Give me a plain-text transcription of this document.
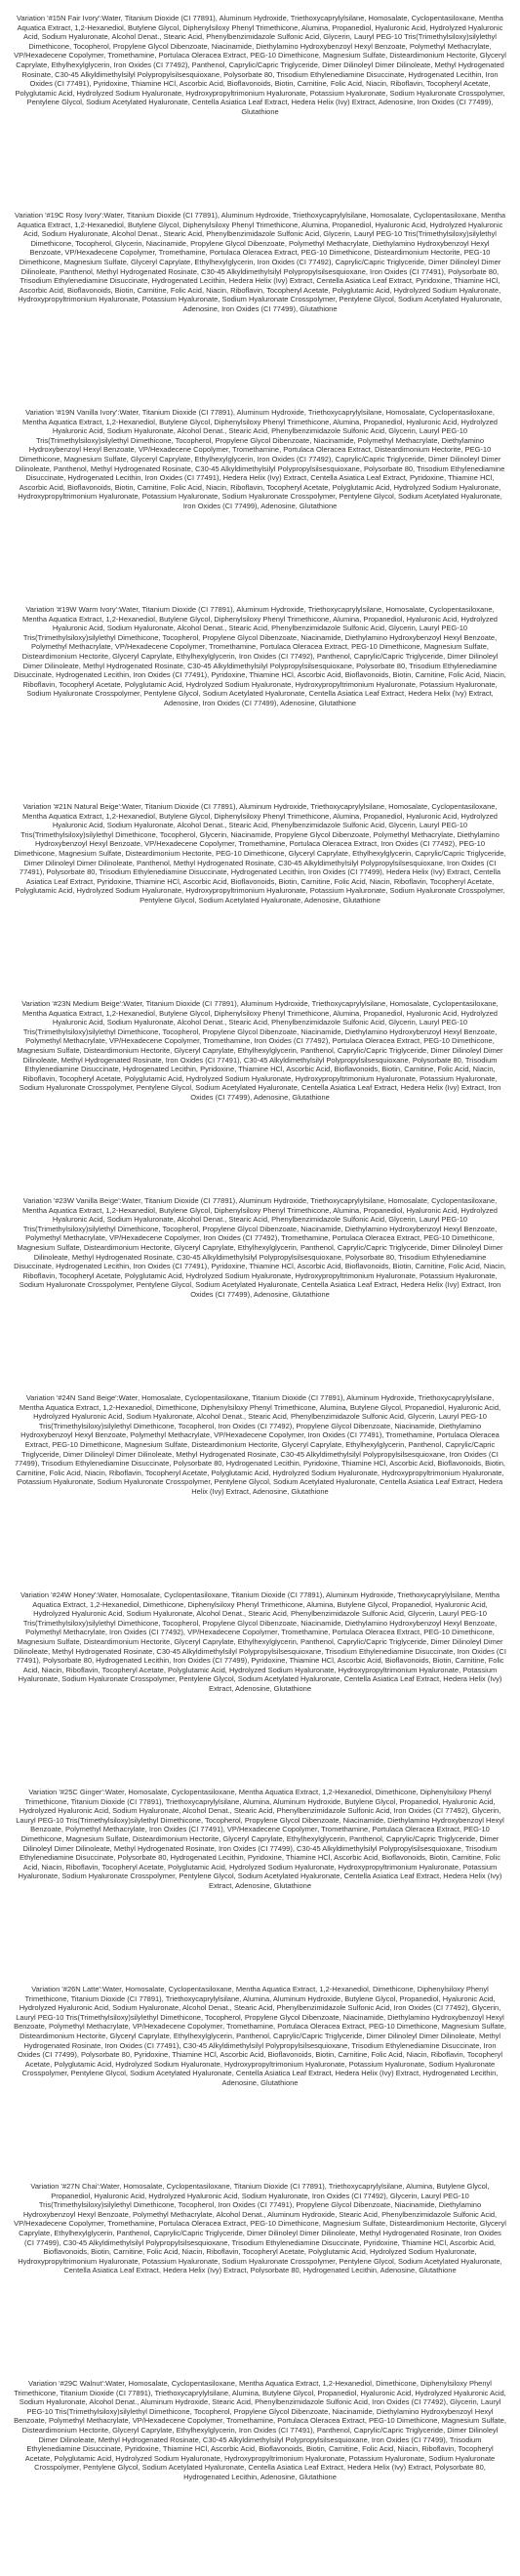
Variation '#15N Fair Ivory':Water, Titanium Dioxide (CI 77891), Aluminum Hydroxide, Triethoxycaprylylsilane, Homosalate, Cyclopentasiloxane, Mentha Aquatica Extract, 1,2-Hexanediol, Butylene Glycol, Diphenylsiloxy Phenyl Trimethicone, Alumina, Propanediol, Hyaluronic Acid, Hydrolyzed Hyaluronic Acid, Sodium Hyaluronate, Alcohol Denat., Stearic Acid, Phenylbenzimidazole Sulfonic Acid, Glycerin, Lauryl PEG-10 Tris(Trimethylsiloxy)silylethyl Dimethicone, Tocopherol, Propylene Glycol Dibenzoate, Niacinamide, Diethylamino Hydroxybenzoyl Hexyl Benzoate, Polymethyl Methacrylate, VP/Hexadecene Copolymer, Tromethamine, Portulaca Oleracea Extract, PEG-10 Dimethicone, Magnesium Sulfate, Disteardimonium Hectorite, Glyceryl Caprylate, Ethylhexylglycerin, Iron Oxides (CI 77492), Panthenol, Caprylic/Capric Triglyceride, Dimer Dilinoleyl Dimer Dilinoleate, Methyl Hydrogenated Rosinate, C30-45 Alkyldimethylsilyl Polypropylsilsesquioxane, Polysorbate 80, Trisodium Ethylenediamine Disuccinate, Hydrogenated Lecithin, Iron Oxides (CI 77491), Pyridoxine, Thiamine HCl, Ascorbic Acid, Bioflavonoids, Biotin, Carnitine, Folic Acid, Niacin, Riboflavin, Tocopheryl Acetate, Polyglutamic Acid, Hydrolyzed Sodium Hyaluronate, Hydroxypropyltrimonium Hyaluronate, Potassium Hyaluronate, Sodium Hyaluronate Crosspolymer, Pentylene Glycol, Sodium Acetylated Hyaluronate, Centella Asiatica Leaf Extract, Hedera Helix (Ivy) Extract, Adenosine, Iron Oxides (CI 77499), Glutathione

Variation '#19C Rosy Ivory':Water, Titanium Dioxide (CI 77891), Aluminum Hydroxide, Triethoxycaprylylsilane, Homosalate, Cyclopentasiloxane, Mentha Aquatica Extract, 1,2-Hexanediol, Butylene Glycol, Diphenylsiloxy Phenyl Trimethicone, Alumina, Propanediol, Hyaluronic Acid, Hydrolyzed Hyaluronic Acid, Sodium Hyaluronate, Alcohol Denat., Stearic Acid, Phenylbenzimidazole Sulfonic Acid, Glycerin, Lauryl PEG-10 Tris(Trimethylsiloxy)silylethyl Dimethicone, Tocopherol, Glycerin, Niacinamide, Propylene Glycol Dibenzoate, Polymethyl Methacrylate, Diethylamino Hydroxybenzoyl Hexyl Benzoate, VP/Hexadecene Copolymer, Tromethamine, Portulaca Oleracea Extract, PEG-10 Dimethicone, Disteardimonium Hectorite, PEG-10 Dimethicone, Magnesium Sulfate, Glyceryl Caprylate, Ethylhexylglycerin, Iron Oxides (CI 77492), Caprylic/Capric Triglyceride, Dimer Dilinoleyl Dimer Dilinoleate, Panthenol, Methyl Hydrogenated Rosinate, C30-45 Alkyldimethylsilyl Polypropylsilsesquioxane, Iron Oxides (CI 77491), Polysorbate 80, Trisodium Ethylenediamine Disuccinate, Hydrogenated Lecithin, Hedera Helix (Ivy) Extract, Centella Asiatica Leaf Extract, Pyridoxine, Thiamine HCl, Ascorbic Acid, Bioflavonoids, Biotin, Carnitine, Folic Acid, Niacin, Riboflavin, Tocopheryl Acetate, Polyglutamic Acid, Hydrolyzed Sodium Hyaluronate, Hydroxypropyltrimonium Hyaluronate, Potassium Hyaluronate, Sodium Hyaluronate Crosspolymer, Pentylene Glycol, Sodium Acetylated Hyaluronate, Adenosine, Iron Oxides (CI 77499), Glutathione

Variation '#19N Vanilla Ivory':Water, Titanium Dioxide (CI 77891), Aluminum Hydroxide, Triethoxycaprylylsilane, Homosalate, Cyclopentasiloxane, Mentha Aquatica Extract, 1,2-Hexanediol, Butylene Glycol, Diphenylsiloxy Phenyl Trimethicone, Alumina, Propanediol, Hyaluronic Acid, Hydrolyzed Hyaluronic Acid, Sodium Hyaluronate, Alcohol Denat., Stearic Acid, Phenylbenzimidazole Sulfonic Acid, Glycerin, Lauryl PEG-10 Tris(Trimethylsiloxy)silylethyl Dimethicone, Tocopherol, Propylene Glycol Dibenzoate, Niacinamide, Polymethyl Methacrylate, Diethylamino Hydroxybenzoyl Hexyl Benzoate, VP/Hexadecene Copolymer, Tromethamine, Portulaca Oleracea Extract, Disteardimonium Hectorite, PEG-10 Dimethicone, Magnesium Sulfate, Glyceryl Caprylate, Ethylhexylglycerin, Iron Oxides (CI 77492), Caprylic/Capric Triglyceride, Dimer Dilinoleyl Dimer Dilinoleate, Panthenol, Methyl Hydrogenated Rosinate, C30-45 Alkyldimethylsilyl Polypropylsilsesquioxane, Polysorbate 80, Trisodium Ethylenediamine Disuccinate, Hydrogenated Lecithin, Iron Oxides (CI 77491), Hedera Helix (Ivy) Extract, Centella Asiatica Leaf Extract, Pyridoxine, Thiamine HCl, Ascorbic Acid, Bioflavonoids, Biotin, Carnitine, Folic Acid, Niacin, Riboflavin, Tocopheryl Acetate, Polyglutamic Acid, Hydrolyzed Sodium Hyaluronate, Hydroxypropyltrimonium Hyaluronate, Potassium Hyaluronate, Sodium Hyaluronate Crosspolymer, Pentylene Glycol, Sodium Acetylated Hyaluronate, Iron Oxides (CI 77499), Adenosine, Glutathione

Variation '#19W Warm Ivory':Water, Titanium Dioxide (CI 77891), Aluminum Hydroxide, Triethoxycaprylylsilane, Homosalate, Cyclopentasiloxane, Mentha Aquatica Extract, 1,2-Hexanediol, Butylene Glycol, Diphenylsiloxy Phenyl Trimethicone, Alumina, Propanediol, Hyaluronic Acid, Hydrolyzed Hyaluronic Acid, Sodium Hyaluronate, Alcohol Denat., Stearic Acid, Phenylbenzimidazole Sulfonic Acid, Glycerin, Lauryl PEG-10 Tris(Trimethylsiloxy)silylethyl Dimethicone, Tocopherol, Propylene Glycol Dibenzoate, Niacinamide, Diethylamino Hydroxybenzoyl Hexyl Benzoate, Polymethyl Methacrylate, VP/Hexadecene Copolymer, Tromethamine, Portulaca Oleracea Extract, PEG-10 Dimethicone, Magnesium Sulfate, Disteardimonium Hectorite, Glyceryl Caprylate, Ethylhexylglycerin, Iron Oxides (CI 77492), Panthenol, Caprylic/Capric Triglyceride, Dimer Dilinoleyl Dimer Dilinoleate, Methyl Hydrogenated Rosinate, C30-45 Alkyldimethylsilyl Polypropylsilsesquioxane, Polysorbate 80, Trisodium Ethylenediamine Disuccinate, Hydrogenated Lecithin, Iron Oxides (CI 77491), Pyridoxine, Thiamine HCl, Ascorbic Acid, Bioflavonoids, Biotin, Carnitine, Folic Acid, Niacin, Riboflavin, Tocopheryl Acetate, Polyglutamic Acid, Hydrolyzed Sodium Hyaluronate, Hydroxypropyltrimonium Hyaluronate, Potassium Hyaluronate, Sodium Hyaluronate Crosspolymer, Pentylene Glycol, Sodium Acetylated Hyaluronate, Centella Asiatica Leaf Extract, Hedera Helix (Ivy) Extract, Adenosine, Iron Oxides (CI 77499), Adenosine, Glutathione

Variation '#21N Natural Beige':Water, Titanium Dioxide (CI 77891), Aluminum Hydroxide, Triethoxycaprylylsilane, Homosalate, Cyclopentasiloxane, Mentha Aquatica Extract, 1,2-Hexanediol, Butylene Glycol, Diphenylsiloxy Phenyl Trimethicone, Alumina, Propanediol, Hyaluronic Acid, Hydrolyzed Hyaluronic Acid, Sodium Hyaluronate, Alcohol Denat., Stearic Acid, Phenylbenzimidazole Sulfonic Acid, Glycerin, Lauryl PEG-10 Tris(Trimethylsiloxy)silylethyl Dimethicone, Tocopherol, Glycerin, Niacinamide, Propylene Glycol Dibenzoate, Polymethyl Methacrylate, Diethylamino Hydroxybenzoyl Hexyl Benzoate, VP/Hexadecene Copolymer, Tromethamine, Portulaca Oleracea Extract, Iron Oxides (CI 77492), PEG-10 Dimethicone, Magnesium Sulfate, Disteardimonium Hectorite, PEG-10 Dimethicone, Glyceryl Caprylate, Ethylhexylglycerin, Caprylic/Capric Triglyceride, Dimer Dilinoleyl Dimer Dilinoleate, Panthenol, Methyl Hydrogenated Rosinate, C30-45 Alkyldimethylsilyl Polypropylsilsesquioxane, Iron Oxides (CI 77491), Polysorbate 80, Trisodium Ethylenediamine Disuccinate, Hydrogenated Lecithin, Iron Oxides (CI 77499), Hedera Helix (Ivy) Extract, Centella Asiatica Leaf Extract, Pyridoxine, Thiamine HCl, Ascorbic Acid, Bioflavonoids, Biotin, Carnitine, Folic Acid, Niacin, Riboflavin, Tocopheryl Acetate, Polyglutamic Acid, Hydrolyzed Sodium Hyaluronate, Hydroxypropyltrimonium Hyaluronate, Potassium Hyaluronate, Sodium Hyaluronate Crosspolymer, Pentylene Glycol, Sodium Acetylated Hyaluronate, Adenosine, Glutathione

Variation '#23N Medium Beige':Water, Titanium Dioxide (CI 77891), Aluminum Hydroxide, Triethoxycaprylylsilane, Homosalate, Cyclopentasiloxane, Mentha Aquatica Extract, 1,2-Hexanediol, Butylene Glycol, Diphenylsiloxy Phenyl Trimethicone, Alumina, Propanediol, Hyaluronic Acid, Hydrolyzed Hyaluronic Acid, Sodium Hyaluronate, Alcohol Denat., Stearic Acid, Phenylbenzimidazole Sulfonic Acid, Glycerin, Lauryl PEG-10 Tris(Trimethylsiloxy)silylethyl Dimethicone, Tocopherol, Propylene Glycol Dibenzoate, Niacinamide, Diethylamino Hydroxybenzoyl Hexyl Benzoate, Polymethyl Methacrylate, VP/Hexadecene Copolymer, Tromethamine, Iron Oxides (CI 77492), Portulaca Oleracea Extract, PEG-10 Dimethicone, Magnesium Sulfate, Disteardimonium Hectorite, Glyceryl Caprylate, Ethylhexylglycerin, Panthenol, Caprylic/Capric Triglyceride, Dimer Dilinoleyl Dimer Dilinoleate, Methyl Hydrogenated Rosinate, Iron Oxides (CI 77491), C30-45 Alkyldimethylsilyl Polypropylsilsesquioxane, Polysorbate 80, Trisodium Ethylenediamine Disuccinate, Hydrogenated Lecithin, Pyridoxine, Thiamine HCl, Ascorbic Acid, Bioflavonoids, Biotin, Carnitine, Folic Acid, Niacin, Riboflavin, Tocopheryl Acetate, Polyglutamic Acid, Hydrolyzed Sodium Hyaluronate, Hydroxypropyltrimonium Hyaluronate, Potassium Hyaluronate, Sodium Hyaluronate Crosspolymer, Pentylene Glycol, Sodium Acetylated Hyaluronate, Centella Asiatica Leaf Extract, Hedera Helix (Ivy) Extract, Iron Oxides (CI 77499), Adenosine, Glutathione

Variation '#23W Vanilla Beige':Water, Titanium Dioxide (CI 77891), Aluminum Hydroxide, Triethoxycaprylylsilane, Homosalate, Cyclopentasiloxane, Mentha Aquatica Extract, 1,2-Hexanediol, Butylene Glycol, Diphenylsiloxy Phenyl Trimethicone, Alumina, Propanediol, Hyaluronic Acid, Hydrolyzed Hyaluronic Acid, Sodium Hyaluronate, Alcohol Denat., Stearic Acid, Phenylbenzimidazole Sulfonic Acid, Glycerin, Lauryl PEG-10 Tris(Trimethylsiloxy)silylethyl Dimethicone, Tocopherol, Propylene Glycol Dibenzoate, Niacinamide, Diethylamino Hydroxybenzoyl Hexyl Benzoate, Polymethyl Methacrylate, VP/Hexadecene Copolymer, Iron Oxides (CI 77492), Tromethamine, Portulaca Oleracea Extract, PEG-10 Dimethicone, Magnesium Sulfate, Disteardimonium Hectorite, Glyceryl Caprylate, Ethylhexylglycerin, Panthenol, Caprylic/Capric Triglyceride, Dimer Dilinoleyl Dimer Dilinoleate, Methyl Hydrogenated Rosinate, C30-45 Alkyldimethylsilyl Polypropylsilsesquioxane, Polysorbate 80, Trisodium Ethylenediamine Disuccinate, Hydrogenated Lecithin, Iron Oxides (CI 77491), Pyridoxine, Thiamine HCl, Ascorbic Acid, Bioflavonoids, Biotin, Carnitine, Folic Acid, Niacin, Riboflavin, Tocopheryl Acetate, Polyglutamic Acid, Hydrolyzed Sodium Hyaluronate, Hydroxypropyltrimonium Hyaluronate, Potassium Hyaluronate, Sodium Hyaluronate Crosspolymer, Pentylene Glycol, Sodium Acetylated Hyaluronate, Centella Asiatica Leaf Extract, Hedera Helix (Ivy) Extract, Iron Oxides (CI 77499), Adenosine, Glutathione

Variation '#24N Sand Beige':Water, Homosalate, Cyclopentasiloxane, Titanium Dioxide (CI 77891), Aluminum Hydroxide, Triethoxycaprylylsilane, Mentha Aquatica Extract, 1,2-Hexanediol, Dimethicone, Diphenylsiloxy Phenyl Trimethicone, Alumina, Butylene Glycol, Propanediol, Hyaluronic Acid, Hydrolyzed Hyaluronic Acid, Sodium Hyaluronate, Alcohol Denat., Stearic Acid, Phenylbenzimidazole Sulfonic Acid, Glycerin, Lauryl PEG-10 Tris(Trimethylsiloxy)silylethyl Dimethicone, Tocopherol, Iron Oxides (CI 77492), Propylene Glycol Dibenzoate, Niacinamide, Diethylamino Hydroxybenzoyl Hexyl Benzoate, Polymethyl Methacrylate, VP/Hexadecene Copolymer, Iron Oxides (CI 77491), Tromethamine, Portulaca Oleracea Extract, PEG-10 Dimethicone, Magnesium Sulfate, Disteardimonium Hectorite, Glyceryl Caprylate, Ethylhexylglycerin, Panthenol, Caprylic/Capric Triglyceride, Dimer Dilinoleyl Dimer Dilinoleate, Methyl Hydrogenated Rosinate, C30-45 Alkyldimethylsilyl Polypropylsilsesquioxane, Iron Oxides (CI 77499), Trisodium Ethylenediamine Disuccinate, Polysorbate 80, Hydrogenated Lecithin, Pyridoxine, Thiamine HCl, Ascorbic Acid, Bioflavonoids, Biotin, Carnitine, Folic Acid, Niacin, Riboflavin, Tocopheryl Acetate, Polyglutamic Acid, Hydrolyzed Sodium Hyaluronate, Hydroxypropyltrimonium Hyaluronate, Potassium Hyaluronate, Sodium Hyaluronate Crosspolymer, Pentylene Glycol, Sodium Acetylated Hyaluronate, Centella Asiatica Leaf Extract, Hedera Helix (Ivy) Extract, Adenosine, Glutathione

Variation '#24W Honey':Water, Homosalate, Cyclopentasiloxane, Titanium Dioxide (CI 77891), Aluminum Hydroxide, Triethoxycaprylylsilane, Mentha Aquatica Extract, 1,2-Hexanediol, Dimethicone, Diphenylsiloxy Phenyl Trimethicone, Alumina, Butylene Glycol, Propanediol, Hyaluronic Acid, Hydrolyzed Hyaluronic Acid, Sodium Hyaluronate, Alcohol Denat., Stearic Acid, Phenylbenzimidazole Sulfonic Acid, Glycerin, Lauryl PEG-10 Tris(Trimethylsiloxy)silylethyl Dimethicone, Tocopherol, Propylene Glycol Dibenzoate, Niacinamide, Diethylamino Hydroxybenzoyl Hexyl Benzoate, Polymethyl Methacrylate, Iron Oxides (CI 77492), VP/Hexadecene Copolymer, Tromethamine, Portulaca Oleracea Extract, PEG-10 Dimethicone, Magnesium Sulfate, Disteardimonium Hectorite, Glyceryl Caprylate, Ethylhexylglycerin, Panthenol, Caprylic/Capric Triglyceride, Dimer Dilinoleyl Dimer Dilinoleate, Methyl Hydrogenated Rosinate, C30-45 Alkyldimethylsilyl Polypropylsilsesquioxane, Trisodium Ethylenediamine Disuccinate, Iron Oxides (CI 77491), Polysorbate 80, Hydrogenated Lecithin, Iron Oxides (CI 77499), Pyridoxine, Thiamine HCl, Ascorbic Acid, Bioflavonoids, Biotin, Carnitine, Folic Acid, Niacin, Riboflavin, Tocopheryl Acetate, Polyglutamic Acid, Hydrolyzed Sodium Hyaluronate, Hydroxypropyltrimonium Hyaluronate, Potassium Hyaluronate, Sodium Hyaluronate Crosspolymer, Pentylene Glycol, Sodium Acetylated Hyaluronate, Centella Asiatica Leaf Extract, Hedera Helix (Ivy) Extract, Adenosine, Glutathione

Variation '#25C Ginger':Water, Homosalate, Cyclopentasiloxane, Mentha Aquatica Extract, 1,2-Hexanediol, Dimethicone, Diphenylsiloxy Phenyl Trimethicone, Titanium Dioxide (CI 77891), Triethoxycaprylylsilane, Alumina, Aluminum Hydroxide, Butylene Glycol, Propanediol, Hyaluronic Acid, Hydrolyzed Hyaluronic Acid, Sodium Hyaluronate, Alcohol Denat., Stearic Acid, Phenylbenzimidazole Sulfonic Acid, Iron Oxides (CI 77492), Glycerin, Lauryl PEG-10 Tris(Trimethylsiloxy)silylethyl Dimethicone, Tocopherol, Propylene Glycol Dibenzoate, Niacinamide, Diethylamino Hydroxybenzoyl Hexyl Benzoate, Polymethyl Methacrylate, Iron Oxides (CI 77491), VP/Hexadecene Copolymer, Tromethamine, Portulaca Oleracea Extract, PEG-10 Dimethicone, Magnesium Sulfate, Disteardimonium Hectorite, Glyceryl Caprylate, Ethylhexylglycerin, Panthenol, Caprylic/Capric Triglyceride, Dimer Dilinoleyl Dimer Dilinoleate, Methyl Hydrogenated Rosinate, Iron Oxides (CI 77499), C30-45 Alkyldimethylsilyl Polypropylsilsesquioxane, Trisodium Ethylenediamine Disuccinate, Polysorbate 80, Hydrogenated Lecithin, Pyridoxine, Thiamine HCl, Ascorbic Acid, Bioflavonoids, Biotin, Carnitine, Folic Acid, Niacin, Riboflavin, Tocopheryl Acetate, Polyglutamic Acid, Hydrolyzed Sodium Hyaluronate, Hydroxypropyltrimonium Hyaluronate, Potassium Hyaluronate, Sodium Hyaluronate Crosspolymer, Pentylene Glycol, Sodium Acetylated Hyaluronate, Centella Asiatica Leaf Extract, Hedera Helix (Ivy) Extract, Adenosine, Glutathione

Variation '#26N Latte':Water, Homosalate, Cyclopentasiloxane, Mentha Aquatica Extract, 1,2-Hexanediol, Dimethicone, Diphenylsiloxy Phenyl Trimethicone, Titanium Dioxide (CI 77891), Triethoxycaprylylsilane, Alumina, Aluminum Hydroxide, Butylene Glycol, Propanediol, Hyaluronic Acid, Hydrolyzed Hyaluronic Acid, Sodium Hyaluronate, Alcohol Denat., Stearic Acid, Phenylbenzimidazole Sulfonic Acid, Iron Oxides (CI 77492), Glycerin, Lauryl PEG-10 Tris(Trimethylsiloxy)silylethyl Dimethicone, Tocopherol, Propylene Glycol Dibenzoate, Niacinamide, Diethylamino Hydroxybenzoyl Hexyl Benzoate, Polymethyl Methacrylate, VP/Hexadecene Copolymer, Tromethamine, Portulaca Oleracea Extract, PEG-10 Dimethicone, Magnesium Sulfate, Disteardimonium Hectorite, Glyceryl Caprylate, Ethylhexylglycerin, Panthenol, Caprylic/Capric Triglyceride, Dimer Dilinoleyl Dimer Dilinoleate, Methyl Hydrogenated Rosinate, Iron Oxides (CI 77491), C30-45 Alkyldimethylsilyl Polypropylsilsesquioxane, Trisodium Ethylenediamine Disuccinate, Iron Oxides (CI 77499), Polysorbate 80, Pyridoxine, Thiamine HCl, Ascorbic Acid, Bioflavonoids, Biotin, Carnitine, Folic Acid, Niacin, Riboflavin, Tocopheryl Acetate, Polyglutamic Acid, Hydrolyzed Sodium Hyaluronate, Hydroxypropyltrimonium Hyaluronate, Potassium Hyaluronate, Sodium Hyaluronate Crosspolymer, Pentylene Glycol, Sodium Acetylated Hyaluronate, Centella Asiatica Leaf Extract, Hedera Helix (Ivy) Extract, Hydrogenated Lecithin, Adenosine, Glutathione

Variation '#27N Chai':Water, Homosalate, Cyclopentasiloxane, Titanium Dioxide (CI 77891), Triethoxycaprylylsilane, Alumina, Butylene Glycol, Propanediol, Hyaluronic Acid, Hydrolyzed Hyaluronic Acid, Sodium Hyaluronate, Iron Oxides (CI 77492), Glycerin, Lauryl PEG-10 Tris(Trimethylsiloxy)silylethyl Dimethicone, Tocopherol, Iron Oxides (CI 77491), Propylene Glycol Dibenzoate, Niacinamide, Diethylamino Hydroxybenzoyl Hexyl Benzoate, Polymethyl Methacrylate, Alcohol Denat., Aluminum Hydroxide, Stearic Acid, Phenylbenzimidazole Sulfonic Acid, VP/Hexadecene Copolymer, Tromethamine, Portulaca Oleracea Extract, PEG-10 Dimethicone, Magnesium Sulfate, Disteardimonium Hectorite, Glyceryl Caprylate, Ethylhexylglycerin, Panthenol, Caprylic/Capric Triglyceride, Dimer Dilinoleyl Dimer Dilinoleate, Methyl Hydrogenated Rosinate, Iron Oxides (CI 77499), C30-45 Alkyldimethylsilyl Polypropylsilsesquioxane, Trisodium Ethylenediamine Disuccinate, Pyridoxine, Thiamine HCl, Ascorbic Acid, Bioflavonoids, Biotin, Carnitine, Folic Acid, Niacin, Riboflavin, Tocopheryl Acetate, Polyglutamic Acid, Hydrolyzed Sodium Hyaluronate, Hydroxypropyltrimonium Hyaluronate, Potassium Hyaluronate, Sodium Hyaluronate Crosspolymer, Pentylene Glycol, Sodium Acetylated Hyaluronate, Centella Asiatica Leaf Extract, Hedera Helix (Ivy) Extract, Polysorbate 80, Hydrogenated Lecithin, Adenosine, Glutathione

Variation '#29C Walnut':Water, Homosalate, Cyclopentasiloxane, Mentha Aquatica Extract, 1,2-Hexanediol, Dimethicone, Diphenylsiloxy Phenyl Trimethicone, Titanium Dioxide (CI 77891), Triethoxycaprylylsilane, Alumina, Butylene Glycol, Propanediol, Hyaluronic Acid, Hydrolyzed Hyaluronic Acid, Sodium Hyaluronate, Alcohol Denat., Aluminum Hydroxide, Stearic Acid, Phenylbenzimidazole Sulfonic Acid, Iron Oxides (CI 77492), Glycerin, Lauryl PEG-10 Tris(Trimethylsiloxy)silylethyl Dimethicone, Tocopherol, Propylene Glycol Dibenzoate, Niacinamide, Diethylamino Hydroxybenzoyl Hexyl Benzoate, Polymethyl Methacrylate, VP/Hexadecene Copolymer, Tromethamine, Portulaca Oleracea Extract, PEG-10 Dimethicone, Magnesium Sulfate, Disteardimonium Hectorite, Glyceryl Caprylate, Ethylhexylglycerin, Iron Oxides (CI 77491), Panthenol, Caprylic/Capric Triglyceride, Dimer Dilinoleyl Dimer Dilinoleate, Methyl Hydrogenated Rosinate, C30-45 Alkyldimethylsilyl Polypropylsilsesquioxane, Iron Oxides (CI 77499), Trisodium Ethylenediamine Disuccinate, Pyridoxine, Thiamine HCl, Ascorbic Acid, Bioflavonoids, Biotin, Carnitine, Folic Acid, Niacin, Riboflavin, Tocopheryl Acetate, Polyglutamic Acid, Hydrolyzed Sodium Hyaluronate, Hydroxypropyltrimonium Hyaluronate, Potassium Hyaluronate, Sodium Hyaluronate Crosspolymer, Pentylene Glycol, Sodium Acetylated Hyaluronate, Centella Asiatica Leaf Extract, Hedera Helix (Ivy) Extract, Polysorbate 80, Hydrogenated Lecithin, Adenosine, Glutathione
